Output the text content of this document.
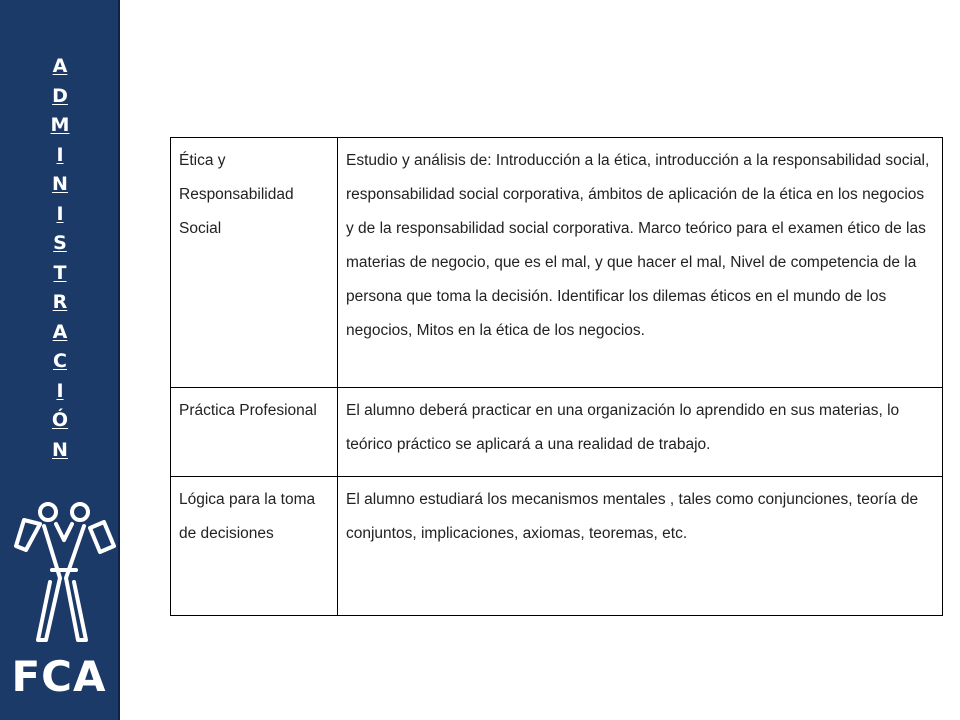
A
D
M
I
N
I
S
T
R
A
C
I
Ó
N
FCA
Ética y Responsabilidad Social	Estudio y análisis de: Introducción a la ética, introducción a la responsabilidad social, responsabilidad social corporativa, ámbitos de aplicación de la ética en los negocios y de la responsabilidad social corporativa. Marco teórico para el examen ético de las materias de negocio, que es el mal, y que hacer el mal, Nivel de competencia de la persona que toma la decisión. Identificar los dilemas éticos en el mundo de los negocios, Mitos en la ética de los negocios.
Práctica Profesional	El alumno deberá practicar en una organización lo aprendido en sus materias, lo teórico práctico se aplicará a una realidad de trabajo.
Lógica para la toma de decisiones	El alumno estudiará los mecanismos mentales , tales como conjunciones, teoría de conjuntos, implicaciones, axiomas, teoremas, etc.
